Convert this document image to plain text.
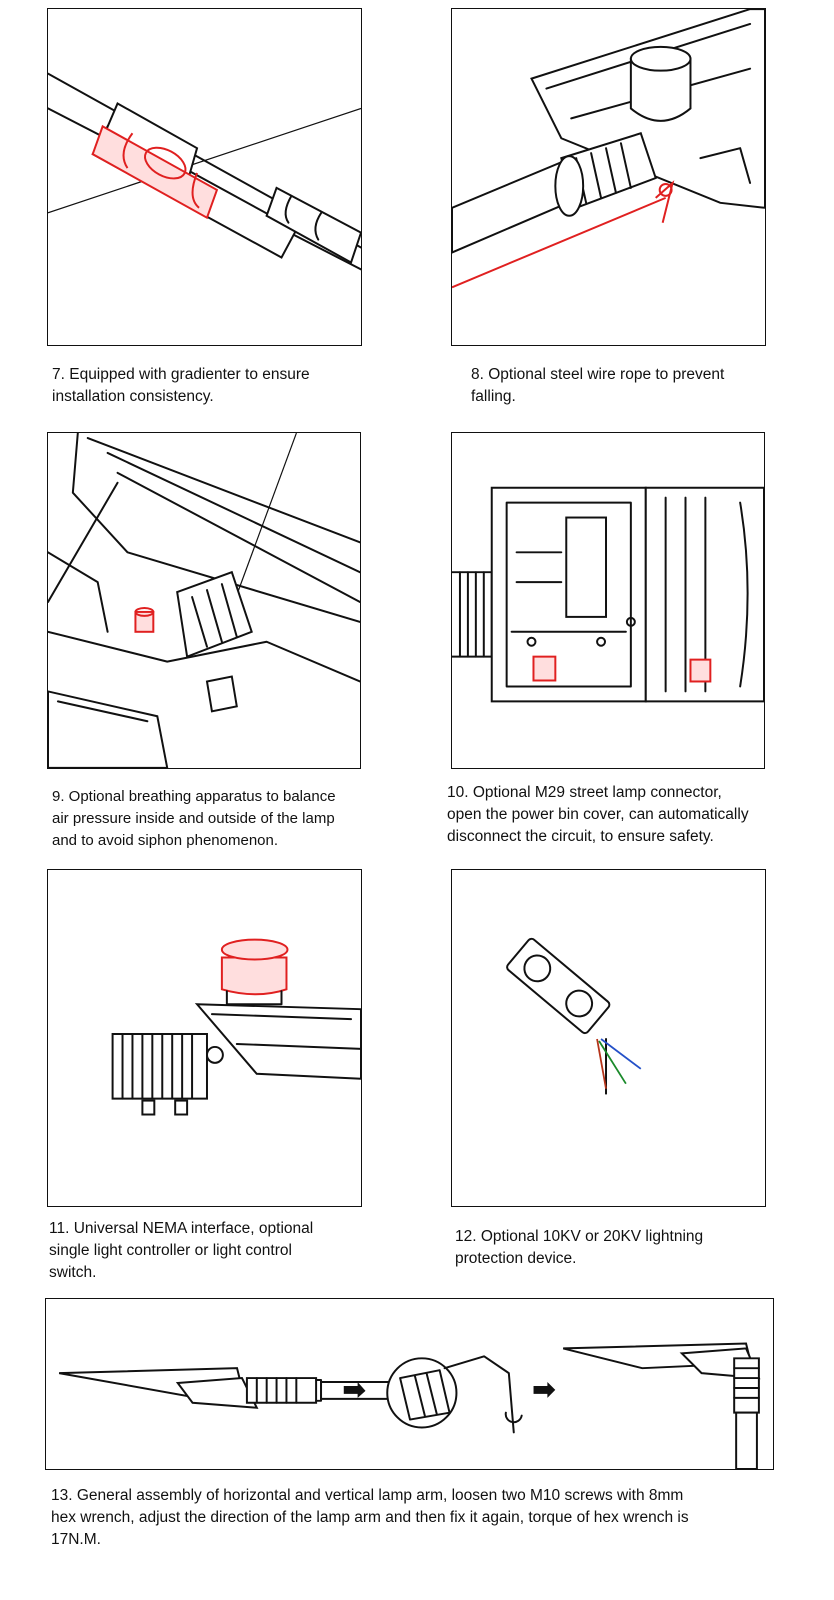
7. Equipped with gradienter to ensure
installation consistency.

8. Optional steel wire rope to prevent
falling.

9. Optional breathing apparatus to balance
air pressure inside and outside of the lamp
and to avoid siphon phenomenon.

10. Optional M29 street lamp connector,
open the power bin cover, can automatically
disconnect the circuit, to ensure safety.

11. Universal NEMA interface, optional
single light controller or light control
switch.

12. Optional 10KV or 20KV lightning
protection device.

13. General assembly of horizontal and vertical lamp arm, loosen two M10 screws with 8mm
hex wrench, adjust the direction of the lamp arm and then fix it again, torque of hex wrench is
17N.M.
